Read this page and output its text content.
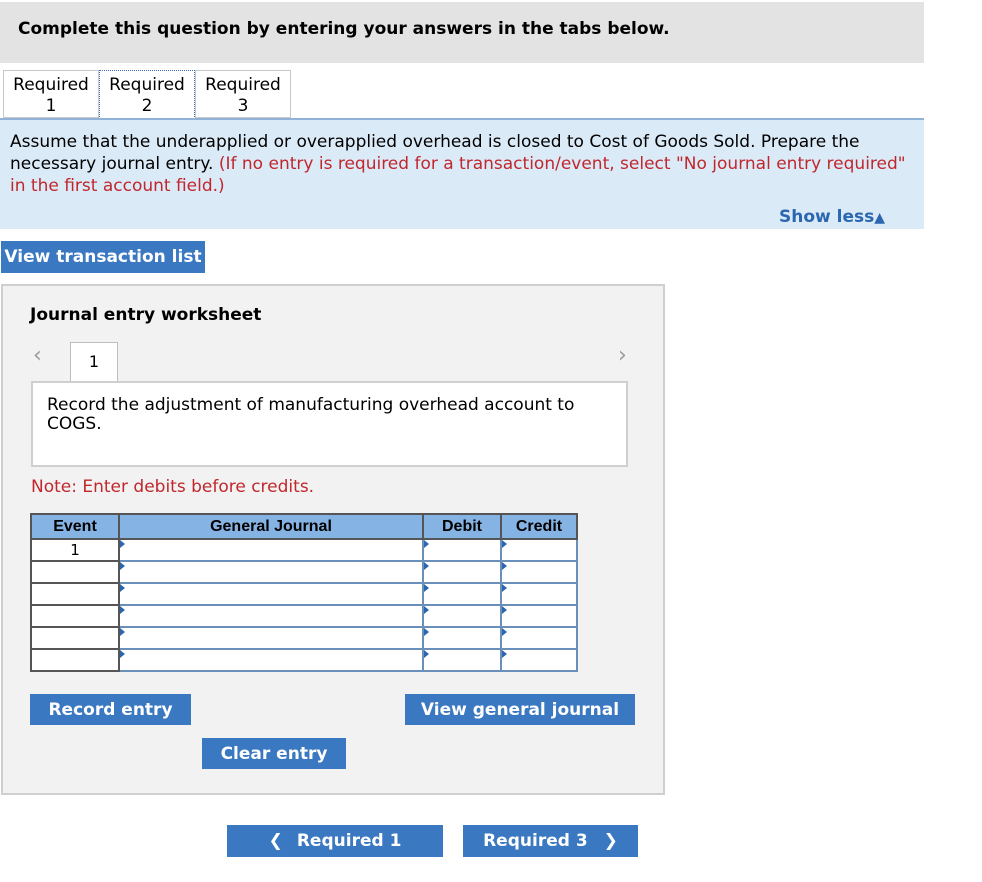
Complete this question by entering your answers in the tabs below.
Required
1
Required
2
Required
3
Assume that the underapplied or overapplied overhead is closed to Cost of Goods Sold. Prepare the necessary journal entry. (If no entry is required for a transaction/event, select "No journal entry required" in the first account field.)
Show less▲
View transaction list
Journal entry worksheet
‹	1	›
Record the adjustment of manufacturing overhead account to COGS.
Note: Enter debits before credits.
Event	General Journal	Debit	Credit
1	

Record entry	View general journal
Clear entry
❮ Required 1	Required 3 ❯
